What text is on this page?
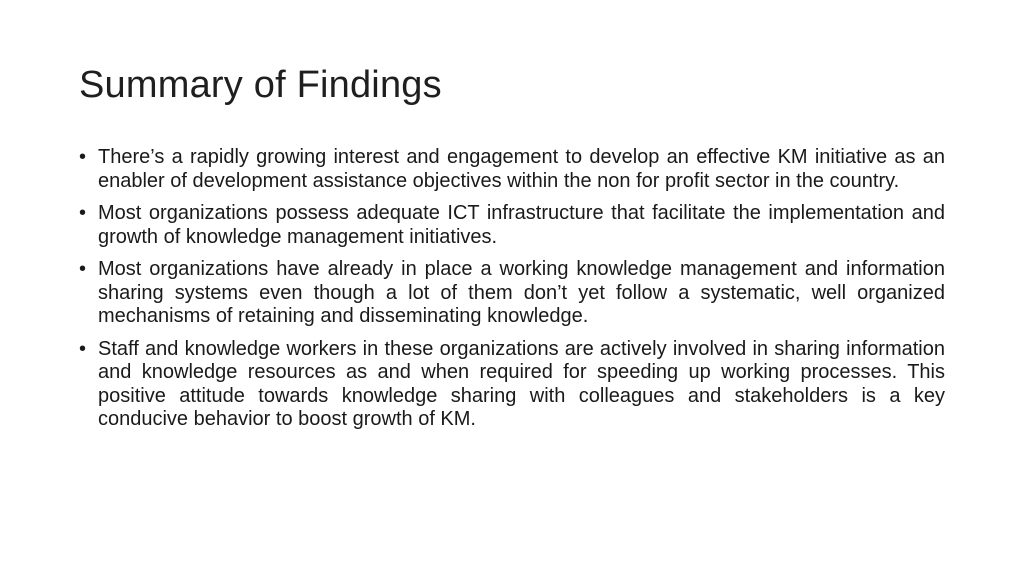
Summary of Findings
• There’s a rapidly growing interest and engagement to develop an effective KM initiative as an enabler of development assistance objectives within the non for profit sector in the country.
• Most organizations possess adequate ICT infrastructure that facilitate the implementation and growth of knowledge management initiatives.
• Most organizations have already in place a working knowledge management and information sharing systems even though a lot of them don’t yet follow a systematic, well organized mechanisms of retaining and disseminating knowledge.
• Staff and knowledge workers in these organizations are actively involved in sharing information and knowledge resources as and when required for speeding up working processes. This positive attitude towards knowledge sharing with colleagues and stakeholders is a key conducive behavior to boost growth of KM.
